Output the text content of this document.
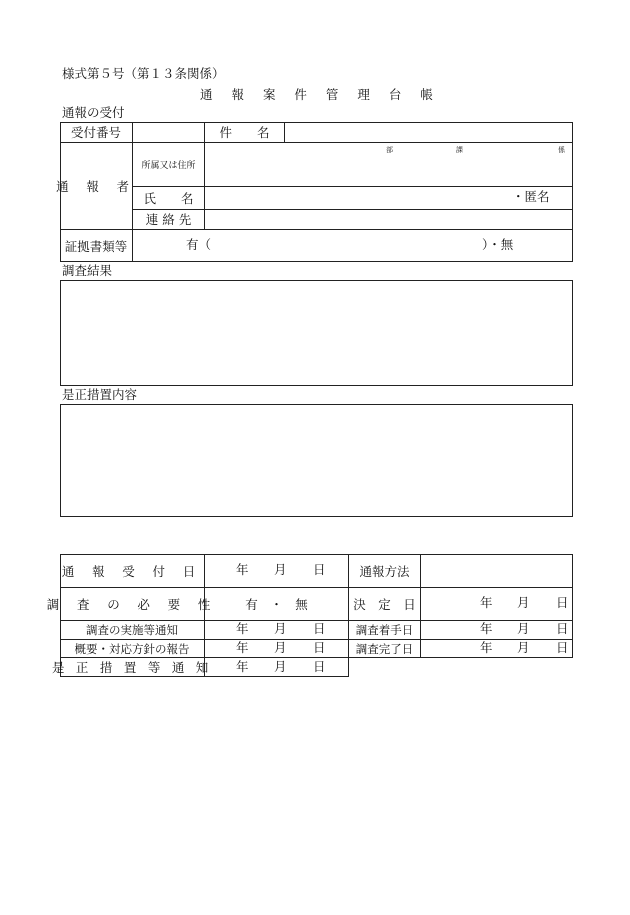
様式第５号（第１３条関係）
通 報 案 件 管 理 台 帳
通報の受付
受付番号	件　　名
通 報 者
所属又は住所
部	課	係
氏　　名	・匿名
連 絡 先
証拠書類等	有（	）・無
調査結果
是正措置内容
通 報 受 付 日	年 月 日	通報方法
調 査 の 必 要 性	有　・　無	決　定　日	年 月 日
調査の実施等通知	年 月 日	調査着手日	年 月 日
概要・対応方針の報告	年 月 日	調査完了日	年 月 日
是 正 措 置 等 通 知 年 月 日
